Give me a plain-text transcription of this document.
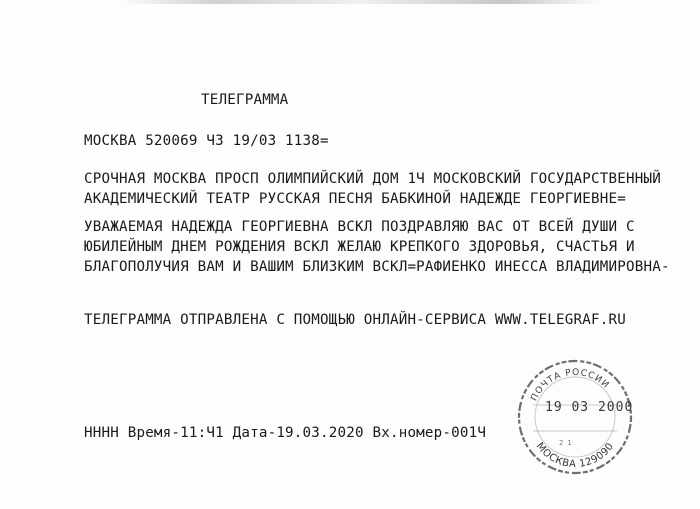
ТЕЛЕГРАММА
МОСКВА 520069 Ч3 19/03 1138=
СРОЧНАЯ МОСКВА ПРОСП ОЛИМПИЙСКИЙ ДОМ 1Ч МОСКОВСКИЙ ГОСУДАРСТВЕННЫЙ
АКАДЕМИЧЕСКИЙ ТЕАТР РУССКАЯ ПЕСНЯ БАБКИНОЙ НАДЕЖДЕ ГЕОРГИЕВНЕ=
УВАЖАЕМАЯ НАДЕЖДА ГЕОРГИЕВНА ВСКЛ ПОЗДРАВЛЯЮ ВАС ОТ ВСЕЙ ДУШИ С
ЮБИЛЕЙНЫМ ДНЕМ РОЖДЕНИЯ ВСКЛ ЖЕЛАЮ КРЕПКОГО ЗДОРОВЬЯ, СЧАСТЬЯ И
БЛАГОПОЛУЧИЯ ВАМ И ВАШИМ БЛИЗКИМ ВСКЛ=РАФИЕНКО ИНЕССА ВЛАДИМИРОВНА-
ТЕЛЕГРАММА ОТПРАВЛЕНА С ПОМОЩЬЮ ОНЛАЙН-СЕРВИСА WWW.TELEGRAF.RU
НННН Время-11:Ч1 Дата-19.03.2020 Вх.номер-001Ч
ПОЧТА РОССИИ
МОСКВА 129090
2 1
19 03 2000
